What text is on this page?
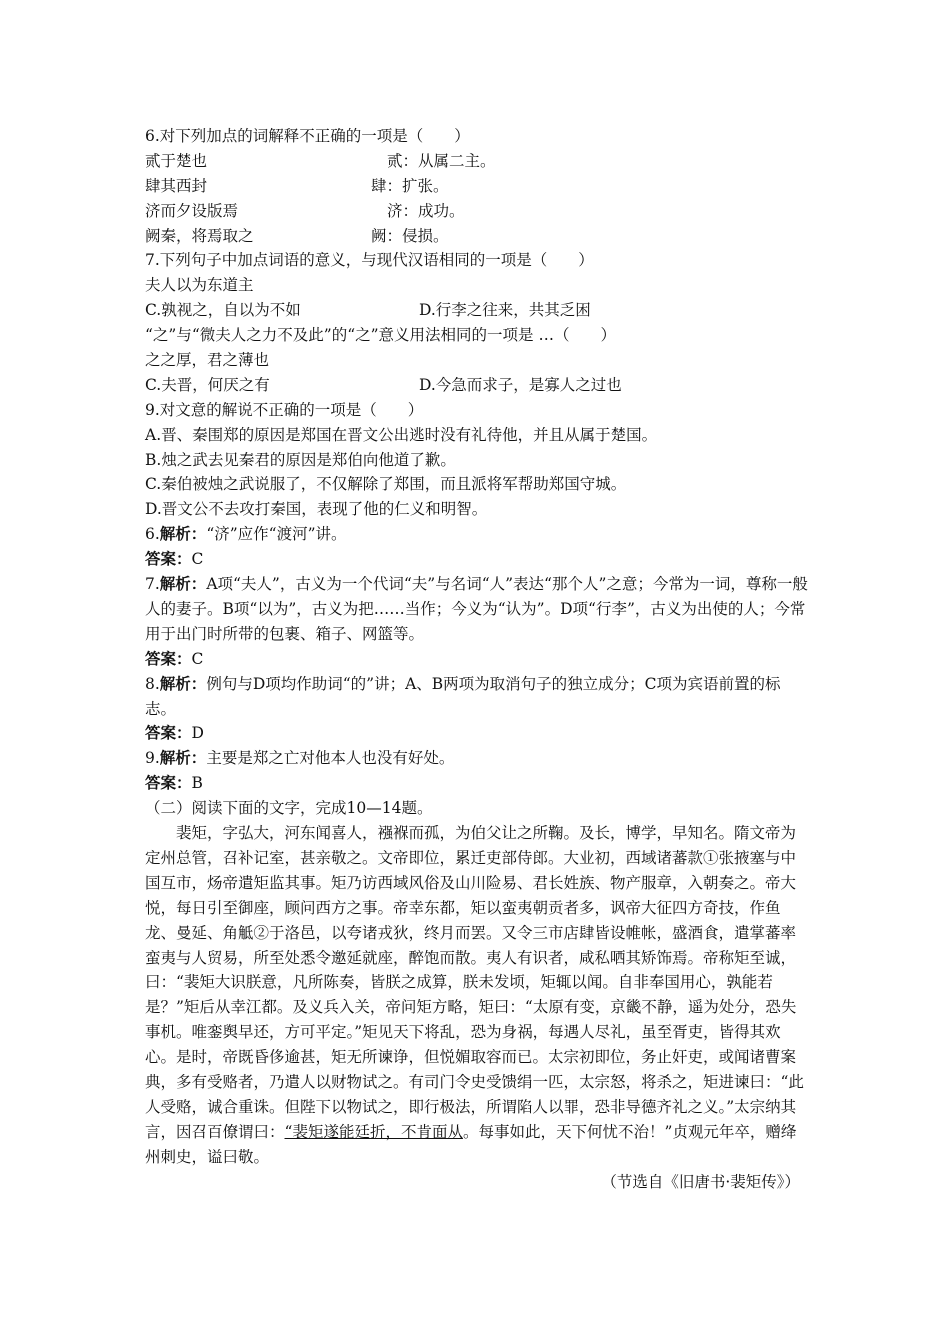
6.对下列加点的词解释不正确的一项是（　　）
贰于楚也	贰：从属二主。
肆其西封	肆：扩张。
济而夕设版焉	济：成功。
阙秦，将焉取之	阙：侵损。
7.下列句子中加点词语的意义，与现代汉语相同的一项是（　　）
夫人以为东道主
C.孰视之，自以为不如	D.行李之往来，共其乏困
“之”与“微夫人之力不及此”的“之”意义用法相同的一项是 …（　　）
之之厚，君之薄也
C.夫晋，何厌之有	D.今急而求子，是寡人之过也
9.对文意的解说不正确的一项是（　　）
A.晋、秦围郑的原因是郑国在晋文公出逃时没有礼待他，并且从属于楚国。
B.烛之武去见秦君的原因是郑伯向他道了歉。
C.秦伯被烛之武说服了，不仅解除了郑围，而且派将军帮助郑国守城。
D.晋文公不去攻打秦国，表现了他的仁义和明智。
6.解析：“济”应作“渡河”讲。
答案：C
7.解析：A项“夫人”，古义为一个代词“夫”与名词“人”表达“那个人”之意；今常为一词，尊称一般人的妻子。B项“以为”，古义为把……当作；今义为“认为”。D项“行李”，古义为出使的人；今常用于出门时所带的包裹、箱子、网篮等。
答案：C
8.解析：例句与D项均作助词“的”讲；A、B两项为取消句子的独立成分；C项为宾语前置的标志。
答案：D
9.解析：主要是郑之亡对他本人也没有好处。
答案：B
（二）阅读下面的文字，完成10—14题。
裴矩，字弘大，河东闻喜人，襁褓而孤，为伯父让之所鞠。及长，博学，早知名。隋文帝为定州总管，召补记室，甚亲敬之。文帝即位，累迁吏部侍郎。大业初，西域诸蕃款①张掖塞与中国互市，炀帝遣矩监其事。矩乃访西域风俗及山川险易、君长姓族、物产服章，入朝奏之。帝大悦，每日引至御座，顾问西方之事。帝幸东都，矩以蛮夷朝贡者多，讽帝大征四方奇技，作鱼龙、曼延、角觝②于洛邑，以夸诸戎狄，终月而罢。又令三市店肆皆设帷帐，盛酒食，遣掌蕃率蛮夷与人贸易，所至处悉令邀延就座，醉饱而散。夷人有识者，咸私哂其矫饰焉。帝称矩至诚，曰：“裴矩大识朕意，凡所陈奏，皆朕之成算，朕未发顷，矩辄以闻。自非奉国用心，孰能若是？”矩后从幸江都。及义兵入关，帝问矩方略，矩曰：“太原有变，京畿不静，遥为处分，恐失事机。唯銮舆早还，方可平定。”矩见天下将乱，恐为身祸，每遇人尽礼，虽至胥吏，皆得其欢心。是时，帝既昏侈逾甚，矩无所谏诤，但悦媚取容而已。太宗初即位，务止奸吏，或闻诸曹案典，多有受赂者，乃遣人以财物试之。有司门令史受馈绢一匹，太宗怒，将杀之，矩进谏曰：“此人受赂，诚合重诛。但陛下以物试之，即行极法，所谓陷人以罪，恐非导德齐礼之义。”太宗纳其言，因召百僚谓曰：“裴矩遂能廷折，不肯面从。每事如此，天下何忧不治！”贞观元年卒，赠绛州刺史，谥曰敬。
（节选自《旧唐书·裴矩传》）
